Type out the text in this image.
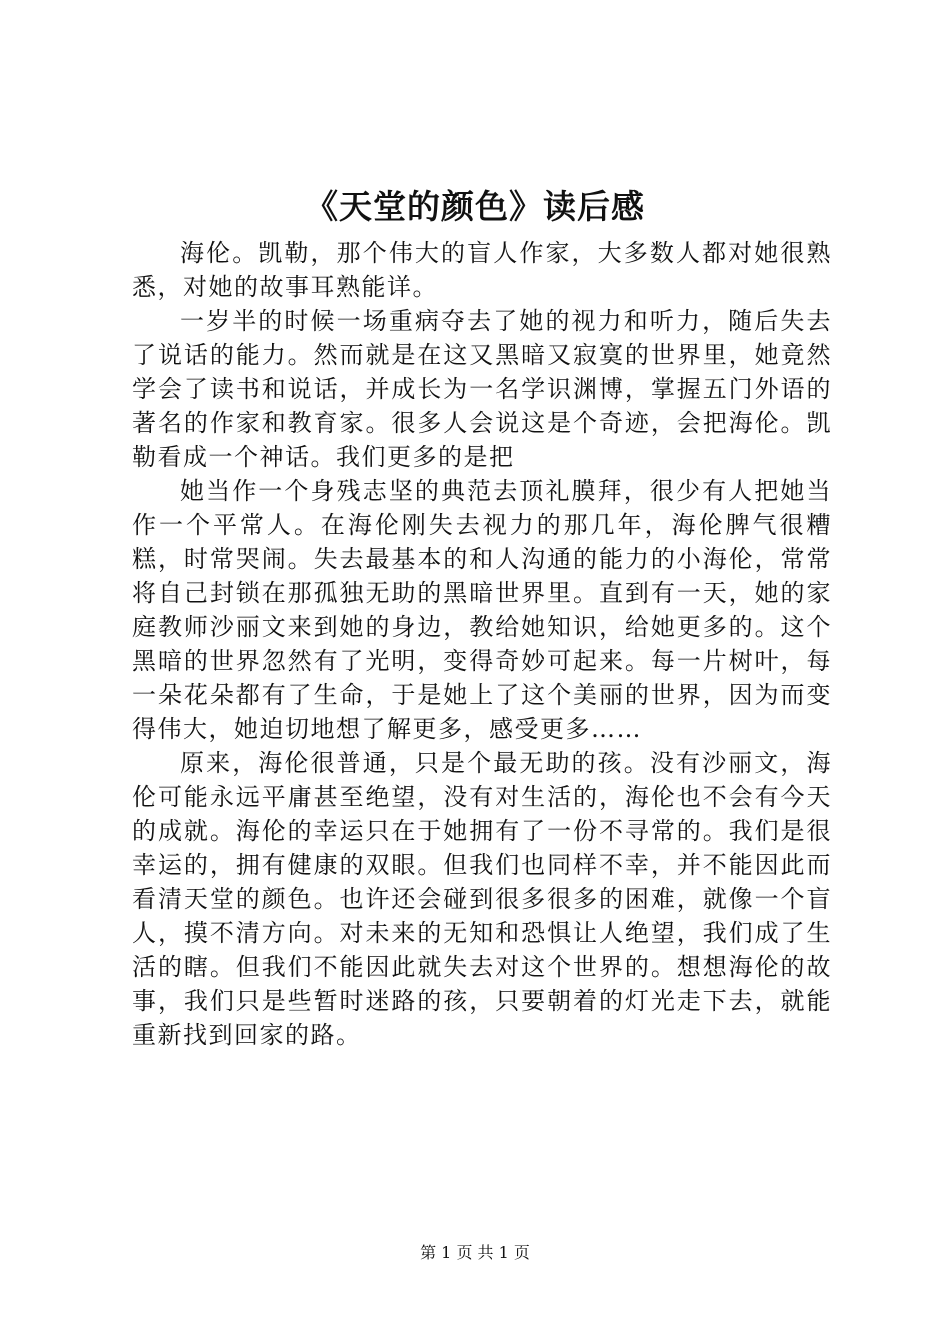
《天堂的颜色》读后感

海伦。凯勒，那个伟大的盲人作家，大多数人都对她很熟悉，对她的故事耳熟能详。

一岁半的时候一场重病夺去了她的视力和听力，随后失去了说话的能力。然而就是在这又黑暗又寂寞的世界里，她竟然学会了读书和说话，并成长为一名学识渊博，掌握五门外语的著名的作家和教育家。很多人会说这是个奇迹，会把海伦。凯勒看成一个神话。我们更多的是把

她当作一个身残志坚的典范去顶礼膜拜，很少有人把她当作一个平常人。在海伦刚失去视力的那几年，海伦脾气很糟糕，时常哭闹。失去最基本的和人沟通的能力的小海伦，常常将自己封锁在那孤独无助的黑暗世界里。直到有一天，她的家庭教师沙丽文来到她的身边，教给她知识，给她更多的。这个黑暗的世界忽然有了光明，变得奇妙可起来。每一片树叶，每一朵花朵都有了生命，于是她上了这个美丽的世界，因为而变得伟大，她迫切地想了解更多，感受更多……

原来，海伦很普通，只是个最无助的孩。没有沙丽文，海伦可能永远平庸甚至绝望，没有对生活的，海伦也不会有今天的成就。海伦的幸运只在于她拥有了一份不寻常的。我们是很幸运的，拥有健康的双眼。但我们也同样不幸，并不能因此而看清天堂的颜色。也许还会碰到很多很多的困难，就像一个盲人，摸不清方向。对未来的无知和恐惧让人绝望，我们成了生活的瞎。但我们不能因此就失去对这个世界的。想想海伦的故事，我们只是些暂时迷路的孩，只要朝着的灯光走下去，就能重新找到回家的路。

第 1 页 共 1 页
